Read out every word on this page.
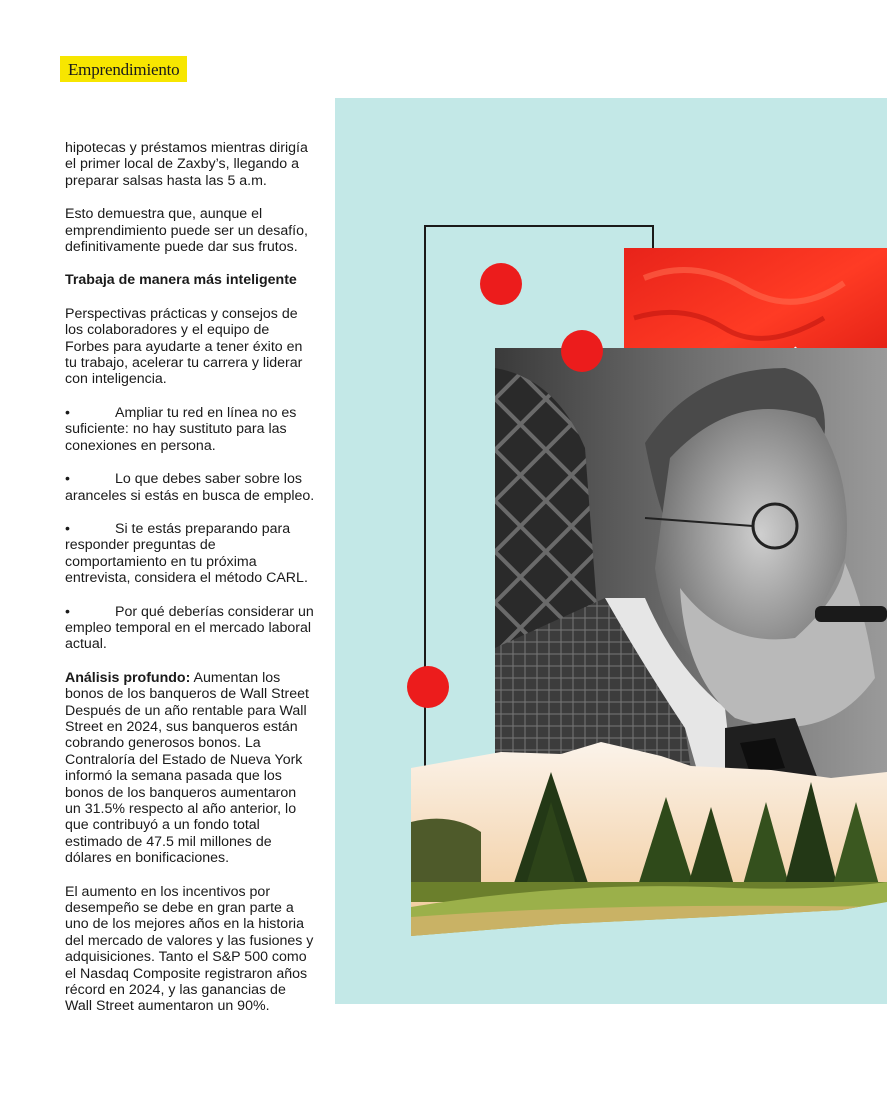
Emprendimiento

hipotecas y préstamos mientras dirigía el primer local de Zaxby’s, llegando a preparar salsas hasta las 5 a.m.

Esto demuestra que, aunque el emprendimiento puede ser un desafío, definitivamente puede dar sus frutos.

Trabaja de manera más inteligente

Perspectivas prácticas y consejos de los colaboradores y el equipo de Forbes para ayudarte a tener éxito en tu trabajo, acelerar tu carrera y liderar con inteligencia.

•	Ampliar tu red en línea no es
suficiente: no hay sustituto para las conexiones en persona.

•	Lo que debes saber sobre los
aranceles si estás en busca de empleo.

•	Si te estás preparando para
responder preguntas de comportamiento en tu próxima entrevista, considera el método CARL.

•	Por qué deberías considerar un
empleo temporal en el mercado laboral actual.

Análisis profundo: Aumentan los bonos de los banqueros de Wall Street Después de un año rentable para Wall Street en 2024, sus banqueros están cobrando generosos bonos. La Contraloría del Estado de Nueva York informó la semana pasada que los bonos de los banqueros aumentaron un 31.5% respecto al año anterior, lo que contribuyó a un fondo total estimado de 47.5 mil millones de dólares en bonificaciones.

El aumento en los incentivos por desempeño se debe en gran parte a uno de los mejores años en la historia del mercado de valores y las fusiones y adquisiciones. Tanto el S&P 500 como el Nasdaq Composite registraron años récord en 2024, y las ganancias de Wall Street aumentaron un 90%.
